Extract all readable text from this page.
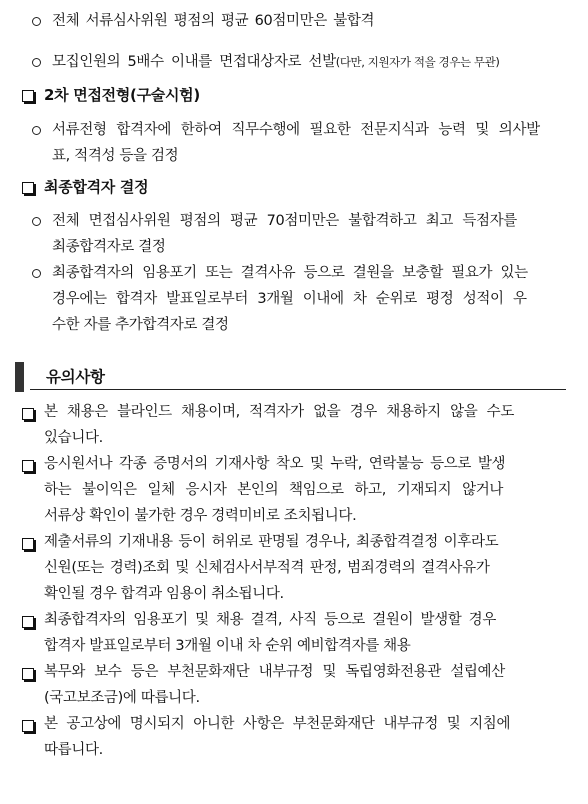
전체 서류심사위원 평점의 평균 60점미만은 불합격
모집인원의 5배수 이내를 면접대상자로 선발(다만, 지원자가 적을 경우는 무관)
2차 면접전형(구술시험)
서류전형 합격자에 한하여 직무수행에 필요한 전문지식과 능력 및 의사발
표, 적격성 등을 검정
최종합격자 결정
전체 면접심사위원 평점의 평균 70점미만은 불합격하고 최고 득점자를
최종합격자로 결정
최종합격자의 임용포기 또는 결격사유 등으로 결원을 보충할 필요가 있는
경우에는 합격자 발표일로부터 3개월 이내에 차 순위로 평정 성적이 우
수한 자를 추가합격자로 결정
유의사항
본 채용은 블라인드 채용이며, 적격자가 없을 경우 채용하지 않을 수도
있습니다.
응시원서나 각종 증명서의 기재사항 착오 및 누락, 연락불능 등으로 발생
하는 불이익은 일체 응시자 본인의 책임으로 하고, 기재되지 않거나
서류상 확인이 불가한 경우 경력미비로 조치됩니다.
제출서류의 기재내용 등이 허위로 판명될 경우나, 최종합격결정 이후라도
신원(또는 경력)조회 및 신체검사서부적격 판정, 범죄경력의 결격사유가
확인될 경우 합격과 임용이 취소됩니다.
최종합격자의 임용포기 및 채용 결격, 사직 등으로 결원이 발생할 경우
합격자 발표일로부터 3개월 이내 차 순위 예비합격자를 채용
복무와 보수 등은 부천문화재단 내부규정 및 독립영화전용관 설립예산
(국고보조금)에 따릅니다.
본 공고상에 명시되지 아니한 사항은 부천문화재단 내부규정 및 지침에
따릅니다.
